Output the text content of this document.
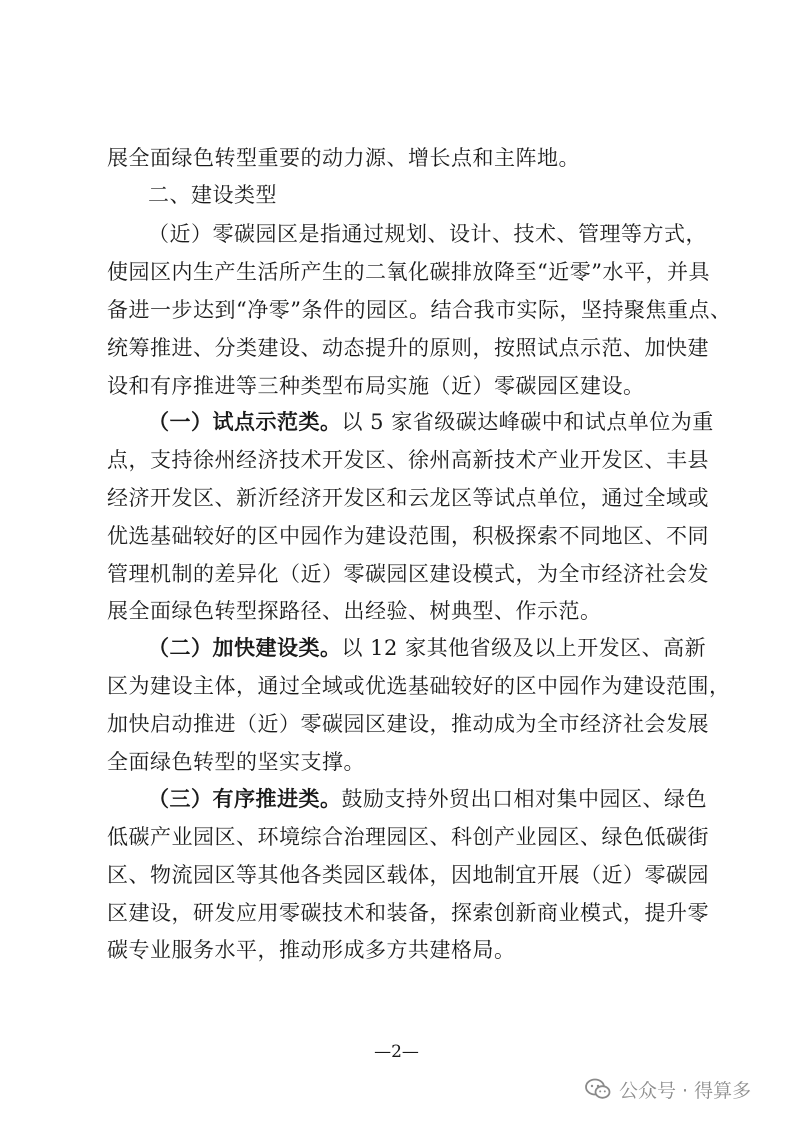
展全面绿色转型重要的动力源、增长点和主阵地。
二、建设类型
（近）零碳园区是指通过规划、设计、技术、管理等方式，
使园区内生产生活所产生的二氧化碳排放降至“近零”水平，并具
备进一步达到“净零”条件的园区。结合我市实际，坚持聚焦重点、
统筹推进、分类建设、动态提升的原则，按照试点示范、加快建
设和有序推进等三种类型布局实施（近）零碳园区建设。
（一）试点示范类。以 5 家省级碳达峰碳中和试点单位为重
点，支持徐州经济技术开发区、徐州高新技术产业开发区、丰县
经济开发区、新沂经济开发区和云龙区等试点单位，通过全域或
优选基础较好的区中园作为建设范围，积极探索不同地区、不同
管理机制的差异化（近）零碳园区建设模式，为全市经济社会发
展全面绿色转型探路径、出经验、树典型、作示范。
（二）加快建设类。以 12 家其他省级及以上开发区、高新
区为建设主体，通过全域或优选基础较好的区中园作为建设范围，
加快启动推进（近）零碳园区建设，推动成为全市经济社会发展
全面绿色转型的坚实支撑。
（三）有序推进类。鼓励支持外贸出口相对集中园区、绿色
低碳产业园区、环境综合治理园区、科创产业园区、绿色低碳街
区、物流园区等其他各类园区载体，因地制宜开展（近）零碳园
区建设，研发应用零碳技术和装备，探索创新商业模式，提升零
碳专业服务水平，推动形成多方共建格局。
—2—
公众号 · 得算多
